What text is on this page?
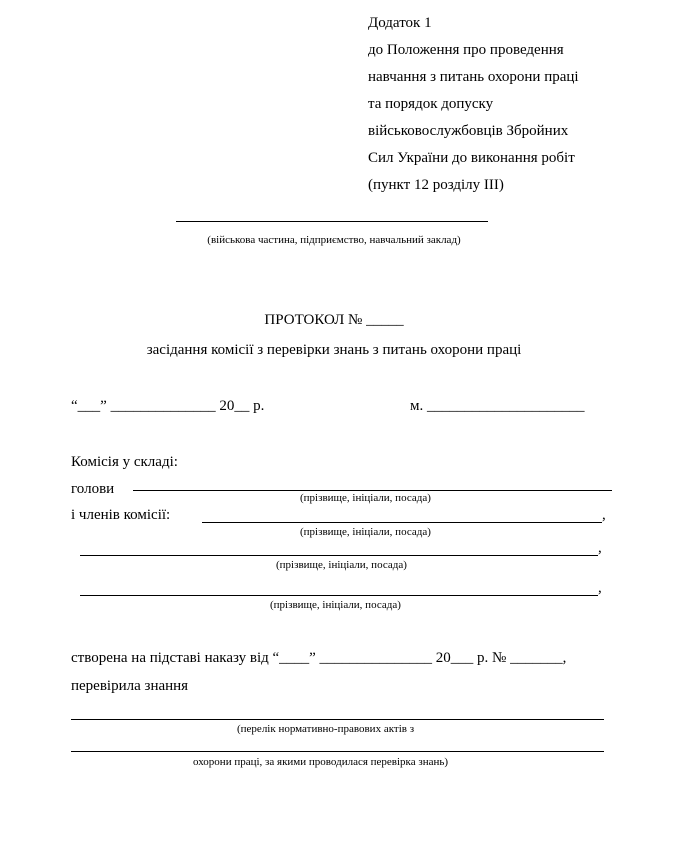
Додаток 1
до Положення про проведення
навчання з питань охорони праці
та порядок допуску
військовослужбовців Збройних
Сил України до виконання робіт
(пункт 12 розділу III)
(військова частина, підприємство, навчальний заклад)
ПРОТОКОЛ № _____
засідання комісії з перевірки знань з питань охорони праці
“___” ______________ 20__ р.	м. _____________________
Комісія у складі:
голови
(прізвище, ініціали, посада)
і членів комісії:	,
(прізвище, ініціали, посада)
,
(прізвище, ініціали, посада)
,
(прізвище, ініціали, посада)
створена на підставі наказу від “____” _______________ 20___ р. № _______,
перевірила знання
(перелік нормативно-правових актів з
охорони праці, за якими проводилася перевірка знань)
